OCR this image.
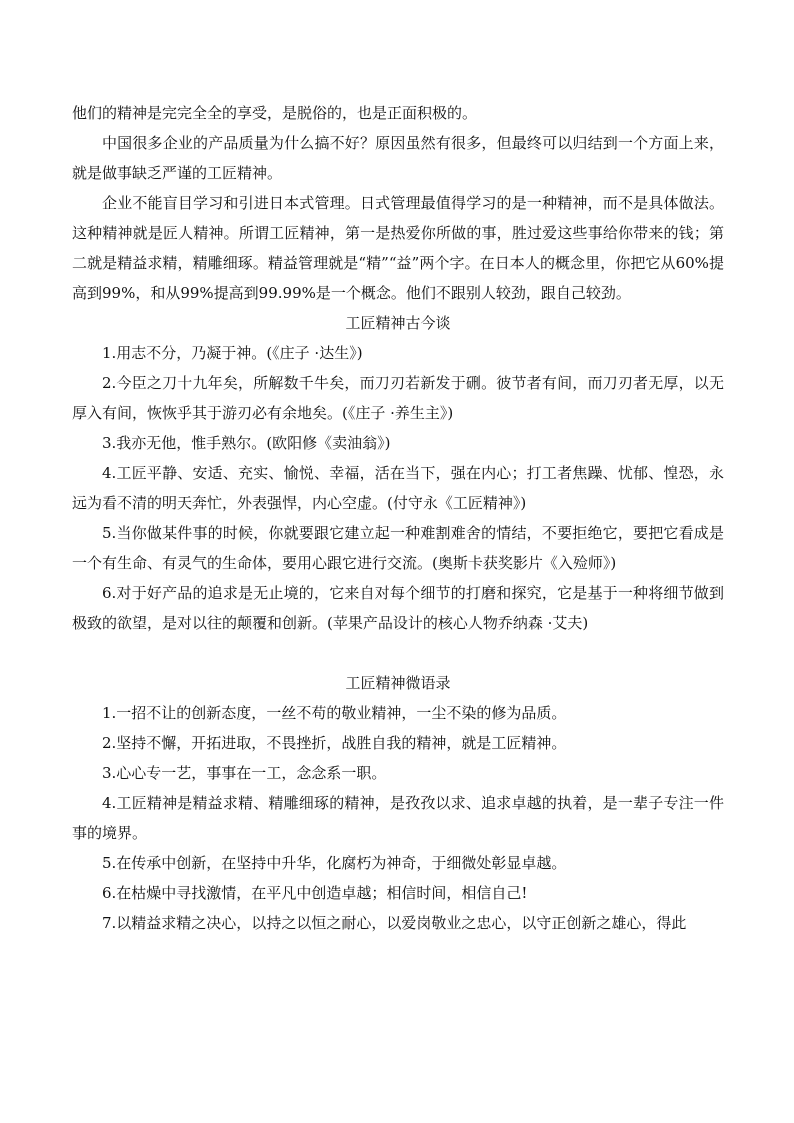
他们的精神是完完全全的享受，是脱俗的，也是正面积极的。

中国很多企业的产品质量为什么搞不好？原因虽然有很多，但最终可以归结到一个方面上来，就是做事缺乏严谨的工匠精神。

企业不能盲目学习和引进日本式管理。日式管理最值得学习的是一种精神，而不是具体做法。这种精神就是匠人精神。所谓工匠精神，第一是热爱你所做的事，胜过爱这些事给你带来的钱；第二就是精益求精，精雕细琢。精益管理就是“精”“益”两个字。在日本人的概念里，你把它从60%提高到99%，和从99%提高到99.99%是一个概念。他们不跟别人较劲，跟自己较劲。

工匠精神古今谈

1.用志不分，乃凝于神。(《庄子 ·达生》)

2.今臣之刀十九年矣，所解数千牛矣，而刀刃若新发于硎。彼节者有间，而刀刃者无厚，以无厚入有间，恢恢乎其于游刃必有余地矣。(《庄子 ·养生主》)

3.我亦无他，惟手熟尔。(欧阳修《卖油翁》)

4.工匠平静、安适、充实、愉悦、幸福，活在当下，强在内心；打工者焦躁、忧郁、惶恐，永远为看不清的明天奔忙，外表强悍，内心空虚。(付守永《工匠精神》)

5.当你做某件事的时候，你就要跟它建立起一种难割难舍的情结，不要拒绝它，要把它看成是一个有生命、有灵气的生命体，要用心跟它进行交流。(奥斯卡获奖影片《入殓师》)

6.对于好产品的追求是无止境的，它来自对每个细节的打磨和探究，它是基于一种将细节做到极致的欲望，是对以往的颠覆和创新。(苹果产品设计的核心人物乔纳森 ·艾夫)

工匠精神微语录

1.一招不让的创新态度，一丝不苟的敬业精神，一尘不染的修为品质。

2.坚持不懈，开拓进取，不畏挫折，战胜自我的精神，就是工匠精神。

3.心心专一艺，事事在一工，念念系一职。

4.工匠精神是精益求精、精雕细琢的精神，是孜孜以求、追求卓越的执着，是一辈子专注一件事的境界。

5.在传承中创新，在坚持中升华，化腐朽为神奇，于细微处彰显卓越。

6.在枯燥中寻找激情，在平凡中创造卓越；相信时间，相信自己!

7.以精益求精之决心，以持之以恒之耐心，以爱岗敬业之忠心，以守正创新之雄心，得此
